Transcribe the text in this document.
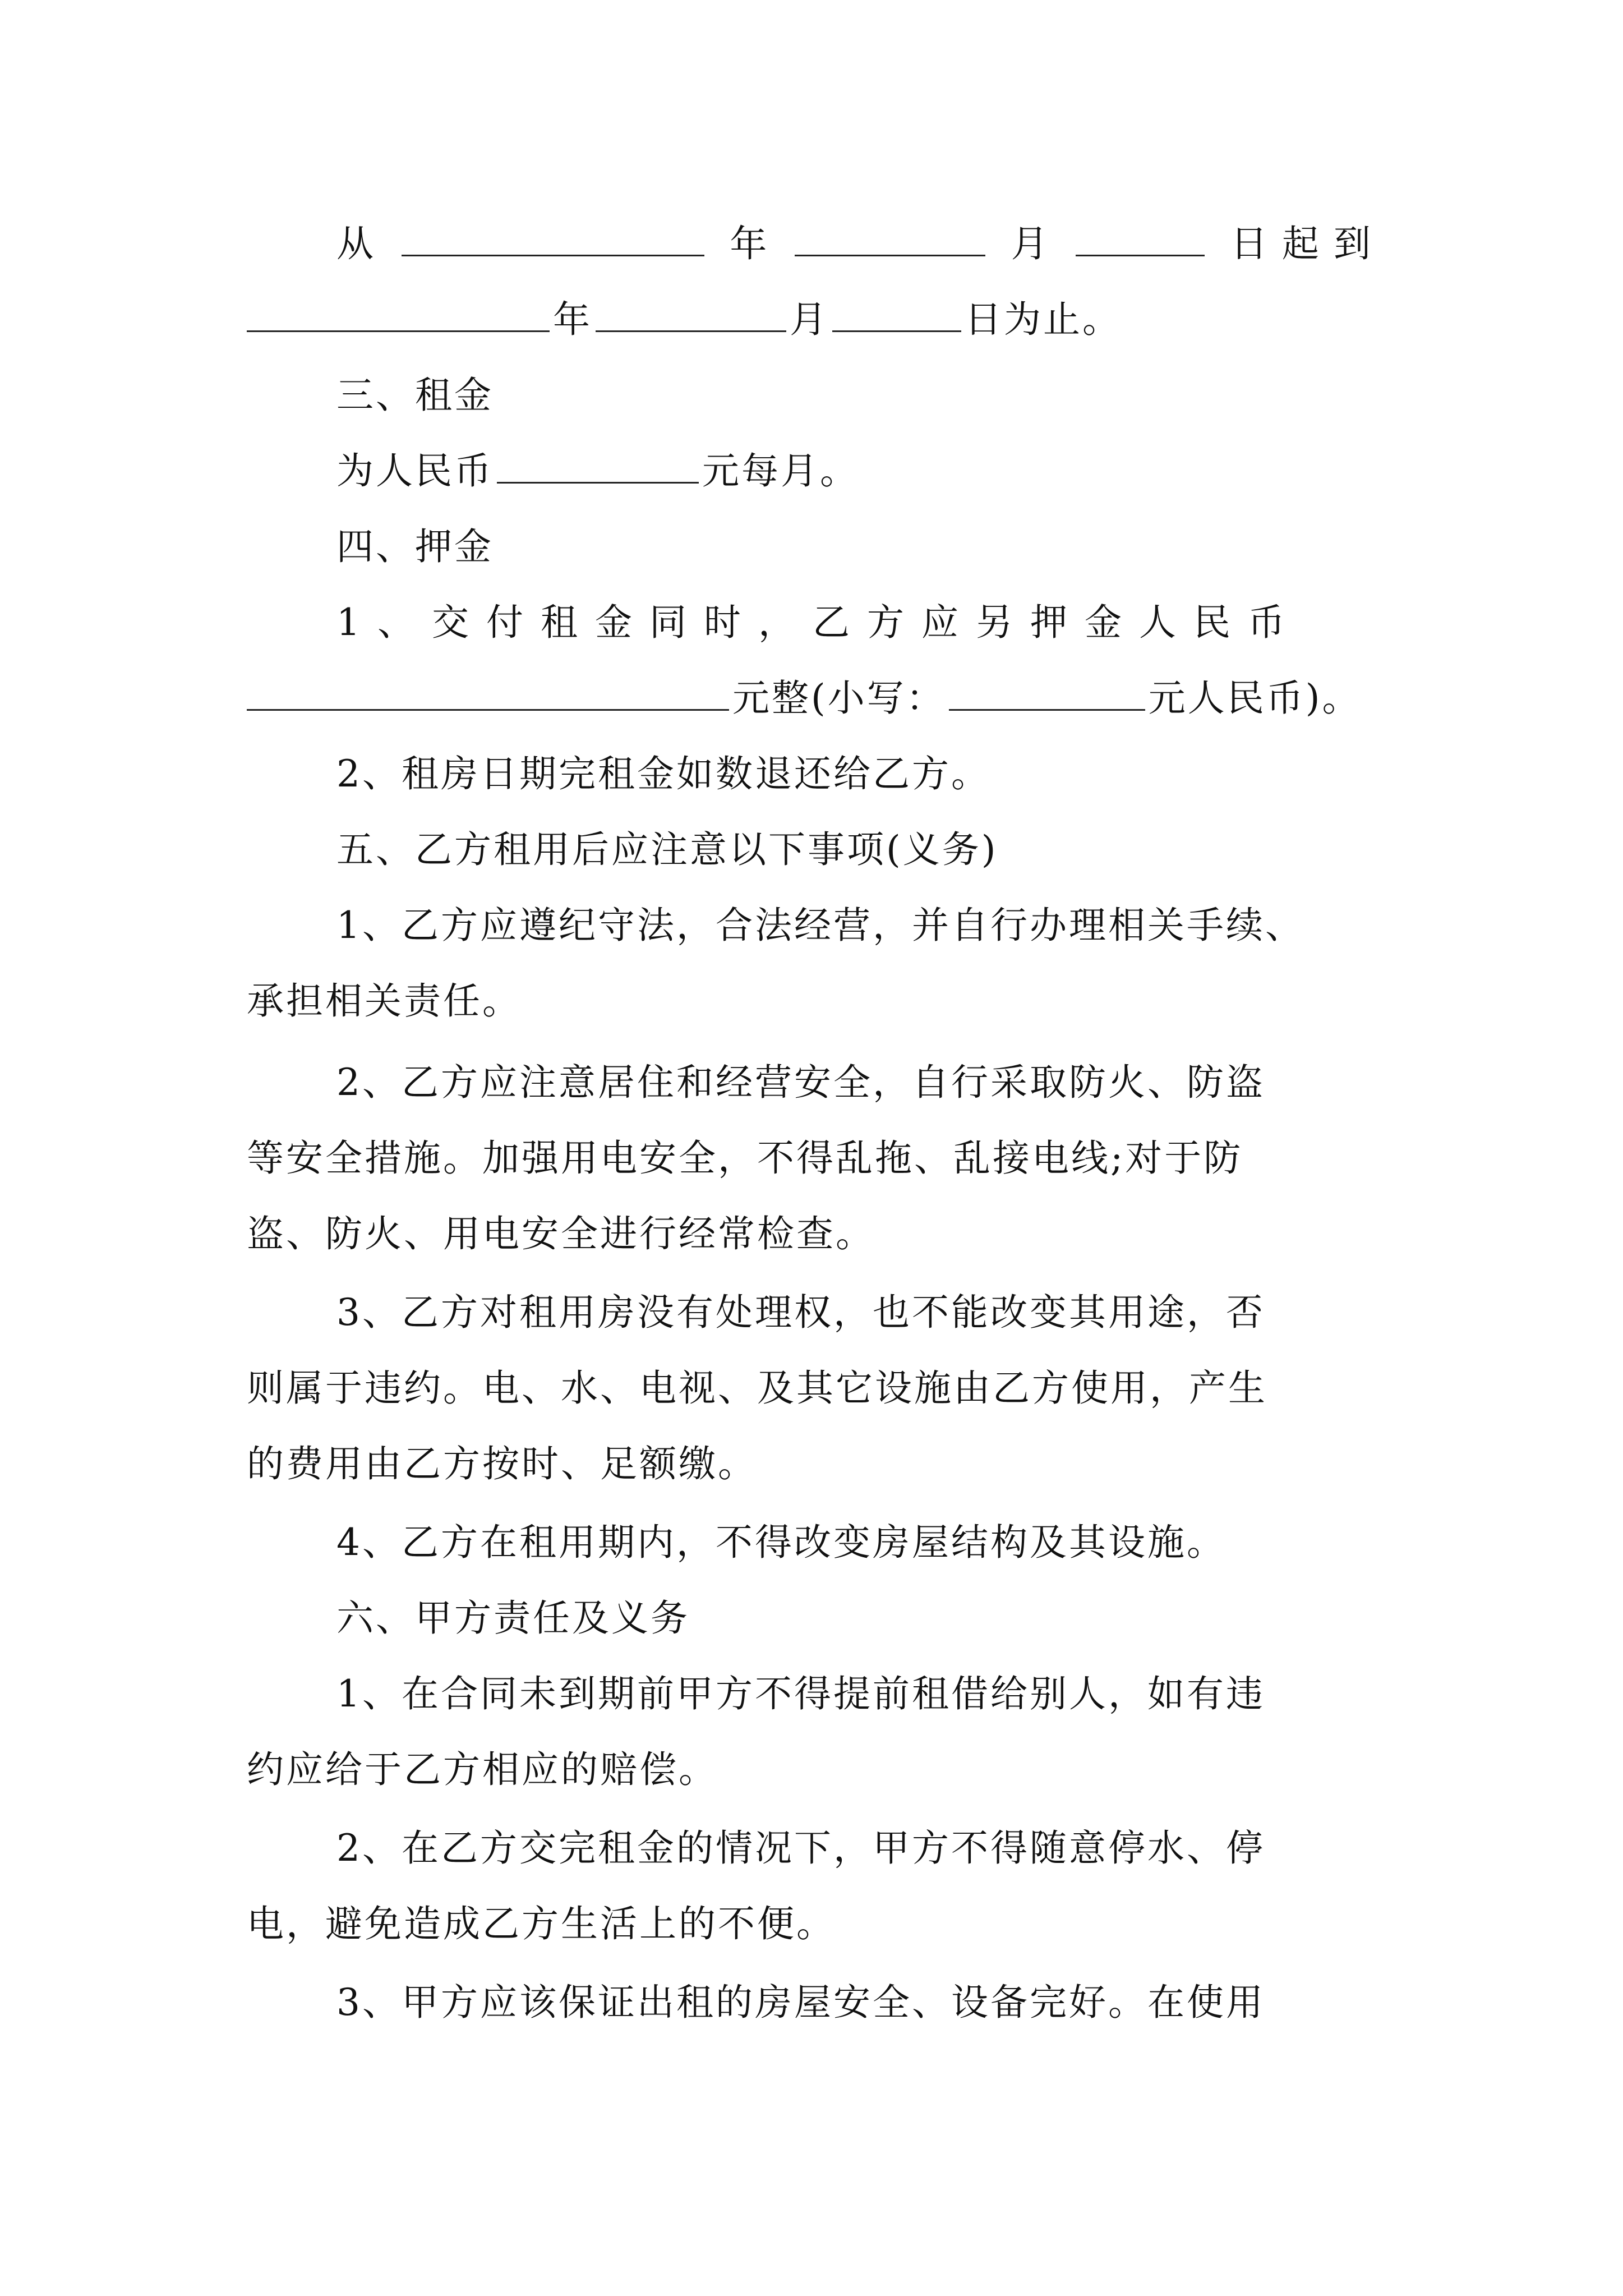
从	年	月	日起到
年	月	日为止。
三、租金
为人民币	元每月。
四、押金
1、交付租金同时，乙方应另押金人民币
元整(小写：	元人民币)。
2、租房日期完租金如数退还给乙方。
五、乙方租用后应注意以下事项(义务)
1、乙方应遵纪守法，合法经营，并自行办理相关手续、
承担相关责任。
2、乙方应注意居住和经营安全，自行采取防火、防盗
等安全措施。加强用电安全，不得乱拖、乱接电线;对于防
盗、防火、用电安全进行经常检查。
3、乙方对租用房没有处理权，也不能改变其用途，否
则属于违约。电、水、电视、及其它设施由乙方使用，产生
的费用由乙方按时、足额缴。
4、乙方在租用期内，不得改变房屋结构及其设施。
六、甲方责任及义务
1、在合同未到期前甲方不得提前租借给别人，如有违
约应给于乙方相应的赔偿。
2、在乙方交完租金的情况下，甲方不得随意停水、停
电，避免造成乙方生活上的不便。
3、甲方应该保证出租的房屋安全、设备完好。在使用
